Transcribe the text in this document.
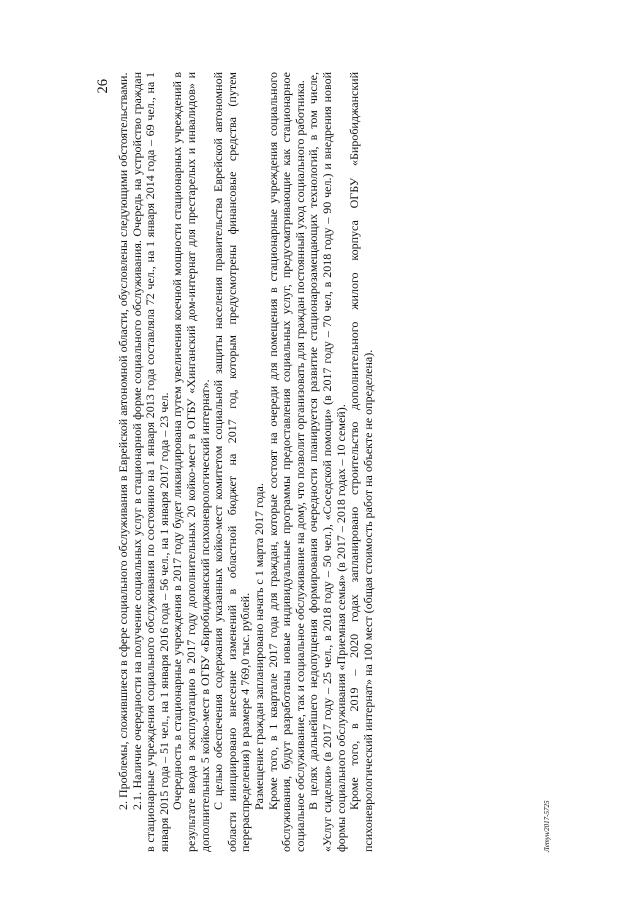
26 2. Проблемы, сложившиеся в сфере социального обслуживания в Еврейской автономной области, обусловлены следующими обстоятельствами. 2.1. Наличие очередности на получение социальных услуг в стационарной форме социального обслуживания. Очередь на устройство граждан в стационарные учреждения социального обслуживания по состоянию на 1 января 2013 года составляла 72 чел., на 1 января 2014 года – 69 чел., на 1 января 2015 года – 51 чел., на 1 января 2016 года – 56 чел., на 1 января 2017 года – 23 чел. Очередность в стационарные учреждения в 2017 году будет ликвидирована путем увеличения коечной мощности стационарных учреждений в результате ввода в эксплуатацию в 2017 году дополнительных 20 койко-мест в ОГБУ «Хинганский дом-интернат для престарелых и инвалидов» и дополнительных 5 койко-мест в ОГБУ «Биробиджанский психоневрологический интернат». С целью обеспечения содержания указанных койко-мест комитетом социальной защиты населения правительства Еврейской автономной области инициировано внесение изменений в областной бюджет на 2017 год, которым предусмотрены финансовые средства (путем перераспределения) в размере 4 769,0 тыс. рублей. Размещение граждан запланировано начать с 1 марта 2017 года. Кроме того, в 1 квартале 2017 года для граждан, которые состоят на очереди для помещения в стационарные учреждения социального обслуживания, будут разработаны новые индивидуальные программы предоставления социальных услуг, предусматривающие как стационарное социальное обслуживание, так и социальное обслуживание на дому, что позволит организовать для граждан постоянный уход социального работника. В целях дальнейшего недопущения формирования очередности планируется развитие стационарозамещающих технологий, в том числе, «Услуг сиделки» (в 2017 году – 25 чел., в 2018 году – 50 чел.), «Соседской помощи» (в 2017 году – 70 чел, в 2018 году – 90 чел.) и внедрения новой формы социального обслуживания «Приемная семья» (в 2017 – 2018 годах – 10 семей). Кроме того, в 2019 – 2020 годах запланировано строительство дополнительного жилого корпуса ОГБУ «Биробиджанский психоневрологический интернат» на 100 мест (общая стоимость работ на объекте не определена).	Летун/2017-5725
